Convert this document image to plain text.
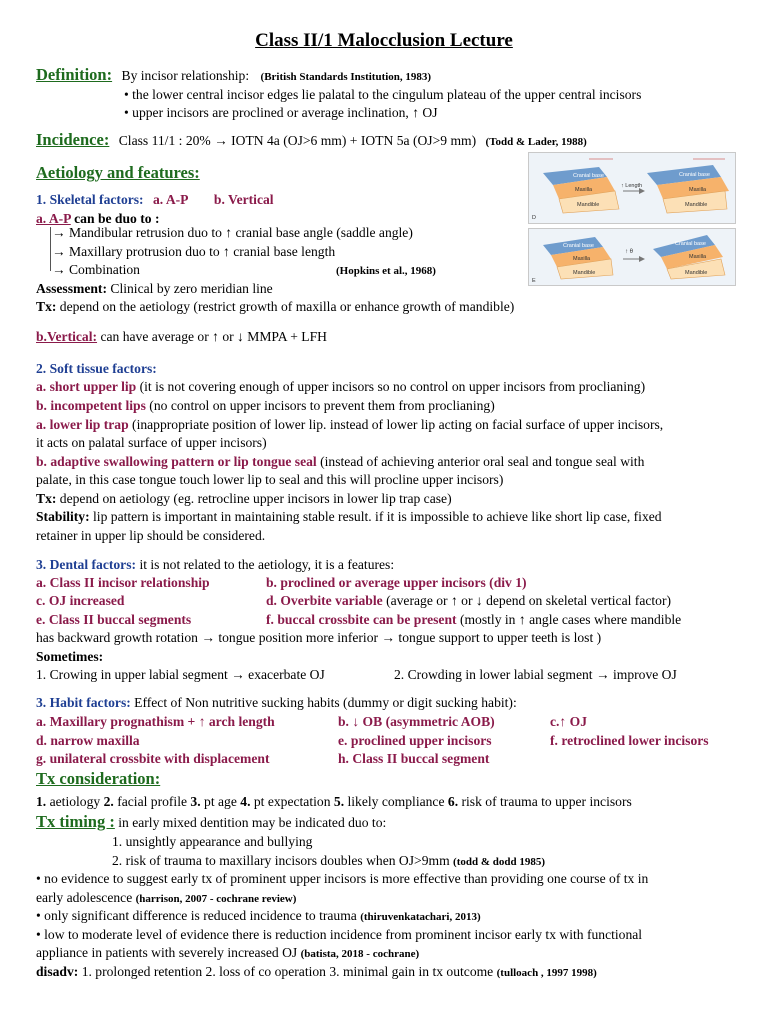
Class II/1 Malocclusion Lecture
Definition: By incisor relationship: (British Standards Institution, 1983)
• the lower central incisor edges lie palatal to the cingulum plateau of the upper central incisors
• upper incisors are proclined or average inclination, ↑ OJ
Incidence: Class 11/1 : 20% → IOTN 4a (OJ>6 mm) + IOTN 5a (OJ>9 mm) (Todd & Lader, 1988)
Aetiology and features:
1. Skeletal factors: a. A-P b. Vertical
a. A-P can be duo to :
→ Mandibular retrusion duo to ↑ cranial base angle (saddle angle)
→ Maxillary protrusion duo to ↑ cranial base length
→ Combination	(Hopkins et al., 1968)
Assessment: Clinical by zero meridian line
Tx: depend on the aetiology (restrict growth of maxilla or enhance growth of mandible)
b.Vertical: can have average or ↑ or ↓ MMPA + LFH
Cranial base
Maxilla
Mandible
↑ Length
Cranial base
Maxilla
Mandible
D
Cranial base
Maxilla
Mandible
↑ θ
Cranial base
Maxilla
Mandible
E
2. Soft tissue factors:
a. short upper lip (it is not covering enough of upper incisors so no control on upper incisors from proclianing)
b. incompetent lips (no control on upper incisors to prevent them from proclianing)
a. lower lip trap (inappropriate position of lower lip. instead of lower lip acting on facial surface of upper incisors,
it acts on palatal surface of upper incisors)
b. adaptive swallowing pattern or lip tongue seal (instead of achieving anterior oral seal and tongue seal with
palate, in this case tongue touch lower lip to seal and this will procline upper incisors)
Tx: depend on aetiology (eg. retrocline upper incisors in lower lip trap case)
Stability: lip pattern is important in maintaining stable result. if it is impossible to achieve like short lip case, fixed
retainer in upper lip should be considered.
3. Dental factors: it is not related to the aetiology, it is a features:
a. Class II incisor relationship	b. proclined or average upper incisors (div 1)
c. OJ increased	d. Overbite variable (average or ↑ or ↓ depend on skeletal vertical factor)
e. Class II buccal segments	f. buccal crossbite can be present (mostly in ↑ angle cases where mandible
has backward growth rotation → tongue position more inferior → tongue support to upper teeth is lost )
Sometimes:
1. Crowing in upper labial segment → exacerbate OJ	2. Crowding in lower labial segment → improve OJ
3. Habit factors: Effect of Non nutritive sucking habits (dummy or digit sucking habit):
a. Maxillary prognathism + ↑ arch length	b. ↓ OB (asymmetric AOB)	c.↑ OJ
d. narrow maxilla	e. proclined upper incisors	f. retroclined lower incisors
g. unilateral crossbite with displacement	h. Class II buccal segment
Tx consideration:
1. aetiology 2. facial profile 3. pt age 4. pt expectation 5. likely compliance 6. risk of trauma to upper incisors
Tx timing : in early mixed dentition may be indicated duo to:
1. unsightly appearance and bullying
2. risk of trauma to maxillary incisors doubles when OJ>9mm (todd & dodd 1985)
• no evidence to suggest early tx of prominent upper incisors is more effective than providing one course of tx in
early adolescence (harrison, 2007 - cochrane review)
• only significant difference is reduced incidence to trauma (thiruvenkatachari, 2013)
• low to moderate level of evidence there is reduction incidence from prominent incisor early tx with functional
appliance in patients with severely increased OJ (batista, 2018 - cochrane)
disadv: 1. prolonged retention 2. loss of co operation 3. minimal gain in tx outcome (tulloach , 1997 1998)
